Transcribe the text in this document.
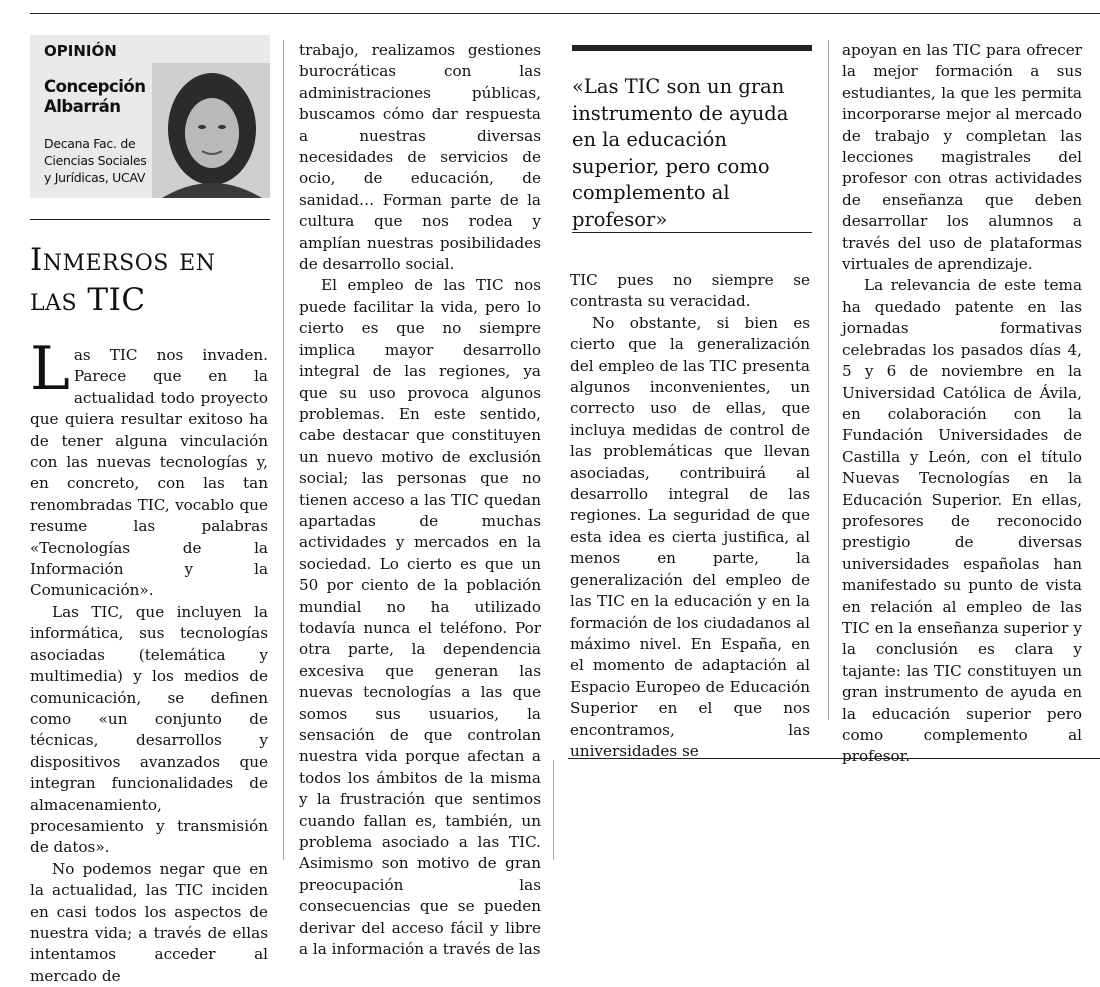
OPINIÓN
Concepción Albarrán
Decana Fac. de Ciencias Sociales y Jurídicas, UCAV
Inmersos en las TIC
«Las TIC son un gran instrumento de ayuda en la educación superior, pero como complemento al profesor»

Las TIC nos invaden. Parece que en la actualidad todo proyecto que quiera resultar exitoso ha de tener alguna vinculación con las nuevas tecnologías y, en concreto, con las tan renombradas TIC, vocablo que resume las palabras «Tecnologías de la Información y la Comunicación».

Las TIC, que incluyen la informática, sus tecnologías asociadas (telemática y multimedia) y los medios de comunicación, se definen como «un conjunto de técnicas, desarrollos y dispositivos avanzados que integran funcionalidades de almacenamiento, procesamiento y transmisión de datos».

No podemos negar que en la actualidad, las TIC inciden en casi todos los aspectos de nuestra vida; a través de ellas intentamos acceder al mercado de

trabajo, realizamos gestiones burocráticas con las administraciones públicas, buscamos cómo dar respuesta a nuestras diversas necesidades de servicios de ocio, de educación, de sanidad… Forman parte de la cultura que nos rodea y amplían nuestras posibilidades de desarrollo social.

El empleo de las TIC nos puede facilitar la vida, pero lo cierto es que no siempre implica mayor desarrollo integral de las regiones, ya que su uso provoca algunos problemas. En este sentido, cabe destacar que constituyen un nuevo motivo de exclusión social; las personas que no tienen acceso a las TIC quedan apartadas de muchas actividades y mercados en la sociedad. Lo cierto es que un 50 por ciento de la población mundial no ha utilizado todavía nunca el teléfono. Por otra parte, la dependencia excesiva que generan las nuevas tecnologías a las que somos sus usuarios, la sensación de que controlan nuestra vida porque afectan a todos los ámbitos de la misma y la frustración que sentimos cuando fallan es, también, un problema asociado a las TIC. Asimismo son motivo de gran preocupación las consecuencias que se pueden derivar del acceso fácil y libre a la información a través de las

TIC pues no siempre se contrasta su veracidad.

No obstante, si bien es cierto que la generalización del empleo de las TIC presenta algunos inconvenientes, un correcto uso de ellas, que incluya medidas de control de las problemáticas que llevan asociadas, contribuirá al desarrollo integral de las regiones. La seguridad de que esta idea es cierta justifica, al menos en parte, la generalización del empleo de las TIC en la educación y en la formación de los ciudadanos al máximo nivel. En España, en el momento de adaptación al Espacio Europeo de Educación Superior en el que nos encontramos, las universidades se

apoyan en las TIC para ofrecer la mejor formación a sus estudiantes, la que les permita incorporarse mejor al mercado de trabajo y completan las lecciones magistrales del profesor con otras actividades de enseñanza que deben desarrollar los alumnos a través del uso de plataformas virtuales de aprendizaje.

La relevancia de este tema ha quedado patente en las jornadas formativas celebradas los pasados días 4, 5 y 6 de noviembre en la Universidad Católica de Ávila, en colaboración con la Fundación Universidades de Castilla y León, con el título Nuevas Tecnologías en la Educación Superior. En ellas, profesores de reconocido prestigio de diversas universidades españolas han manifestado su punto de vista en relación al empleo de las TIC en la enseñanza superior y la conclusión es clara y tajante: las TIC constituyen un gran instrumento de ayuda en la educación superior pero como complemento al profesor.
